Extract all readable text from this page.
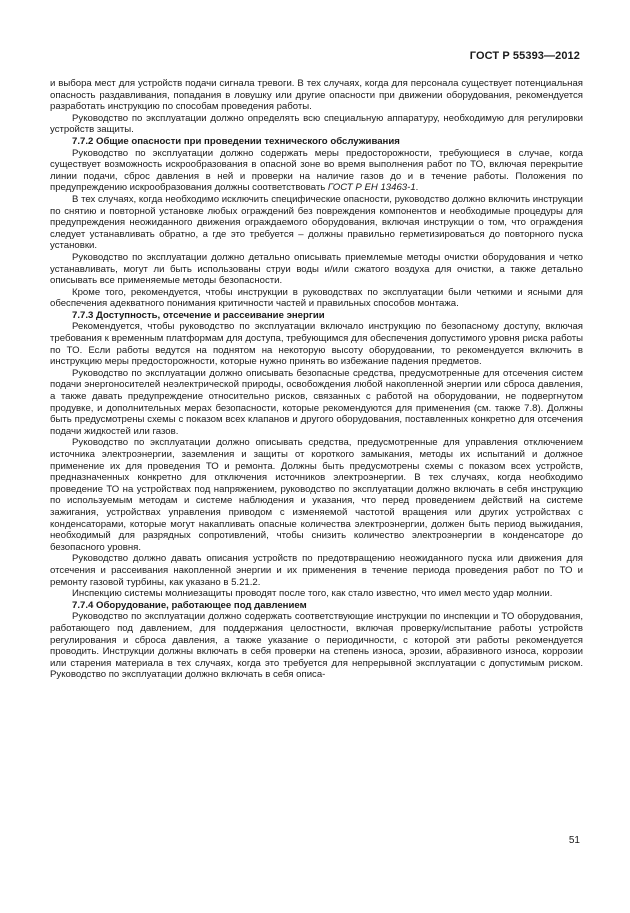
ГОСТ Р 55393—2012

и выбора мест для устройств подачи сигнала тревоги. В тех случаях, когда для персонала существует потенциальная опасность раздавливания, попадания в ловушку или другие опасности при движении оборудования, рекомендуется разработать инструкцию по способам проведения работы.

Руководство по эксплуатации должно определять всю специальную аппаратуру, необходимую для регулировки устройств защиты.

7.7.2 Общие опасности при проведении технического обслуживания

Руководство по эксплуатации должно содержать меры предосторожности, требующиеся в случае, когда существует возможность искрообразования в опасной зоне во время выполнения работ по ТО, включая перекрытие линии подачи, сброс давления в ней и проверки на наличие газов до и в течение работы. Положения по предупреждению искрообразования должны соответствовать ГОСТ Р ЕН 13463-1.

В тех случаях, когда необходимо исключить специфические опасности, руководство должно включить инструкции по снятию и повторной установке любых ограждений без повреждения компонентов и необходимые процедуры для предупреждения неожиданного движения ограждаемого оборудования, включая инструкции о том, что ограждения следует устанавливать обратно, а где это требуется – должны правильно герметизироваться до повторного пуска установки.

Руководство по эксплуатации должно детально описывать приемлемые методы очистки оборудования и четко устанавливать, могут ли быть использованы струи воды и/или сжатого воздуха для очистки, а также детально описывать все применяемые методы безопасности.

Кроме того, рекомендуется, чтобы инструкции в руководствах по эксплуатации были четкими и ясными для обеспечения адекватного понимания критичности частей и правильных способов монтажа.

7.7.3 Доступность, отсечение и рассеивание энергии

Рекомендуется, чтобы руководство по эксплуатации включало инструкцию по безопасному доступу, включая требования к временным платформам для доступа, требующимся для обеспечения допустимого уровня риска работы по ТО. Если работы ведутся на поднятом на некоторую высоту оборудовании, то рекомендуется включить в инструкцию меры предосторожности, которые нужно принять во избежание падения предметов.

Руководство по эксплуатации должно описывать безопасные средства, предусмотренные для отсечения систем подачи энергоносителей неэлектрической природы, освобождения любой накопленной энергии или сброса давления, а также давать предупреждение относительно рисков, связанных с работой на оборудовании, не подвергнутом продувке, и дополнительных мерах безопасности, которые рекомендуются для применения (см. также 7.8). Должны быть предусмотрены схемы с показом всех клапанов и другого оборудования, поставленных конкретно для отсечения подачи жидкостей или газов.

Руководство по эксплуатации должно описывать средства, предусмотренные для управления отключением источника электроэнергии, заземления и защиты от короткого замыкания, методы их испытаний и должное применение их для проведения ТО и ремонта. Должны быть предусмотрены схемы с показом всех устройств, предназначенных конкретно для отключения источников электроэнергии. В тех случаях, когда необходимо проведение ТО на устройствах под напряжением, руководство по эксплуатации должно включать в себя инструкцию по используемым методам и системе наблюдения и указания, что перед проведением действий на системе зажигания, устройствах управления приводом с изменяемой частотой вращения или других устройствах с конденсаторами, которые могут накапливать опасные количества электроэнергии, должен быть период выжидания, необходимый для разрядных сопротивлений, чтобы снизить количество электроэнергии в конденсаторе до безопасного уровня.

Руководство должно давать описания устройств по предотвращению неожиданного пуска или движения для отсечения и рассеивания накопленной энергии и их применения в течение периода проведения работ по ТО и ремонту газовой турбины, как указано в 5.21.2.

Инспекцию системы молниезащиты проводят после того, как стало известно, что имел место удар молнии.

7.7.4 Оборудование, работающее под давлением

Руководство по эксплуатации должно содержать соответствующие инструкции по инспекции и ТО оборудования, работающего под давлением, для поддержания целостности, включая проверку/испытание работы устройств регулирования и сброса давления, а также указание о периодичности, с которой эти работы рекомендуется проводить. Инструкции должны включать в себя проверки на степень износа, эрозии, абразивного износа, коррозии или старения материала в тех случаях, когда это требуется для непрерывной эксплуатации с допустимым риском. Руководство по эксплуатации должно включать в себя описа-

51
